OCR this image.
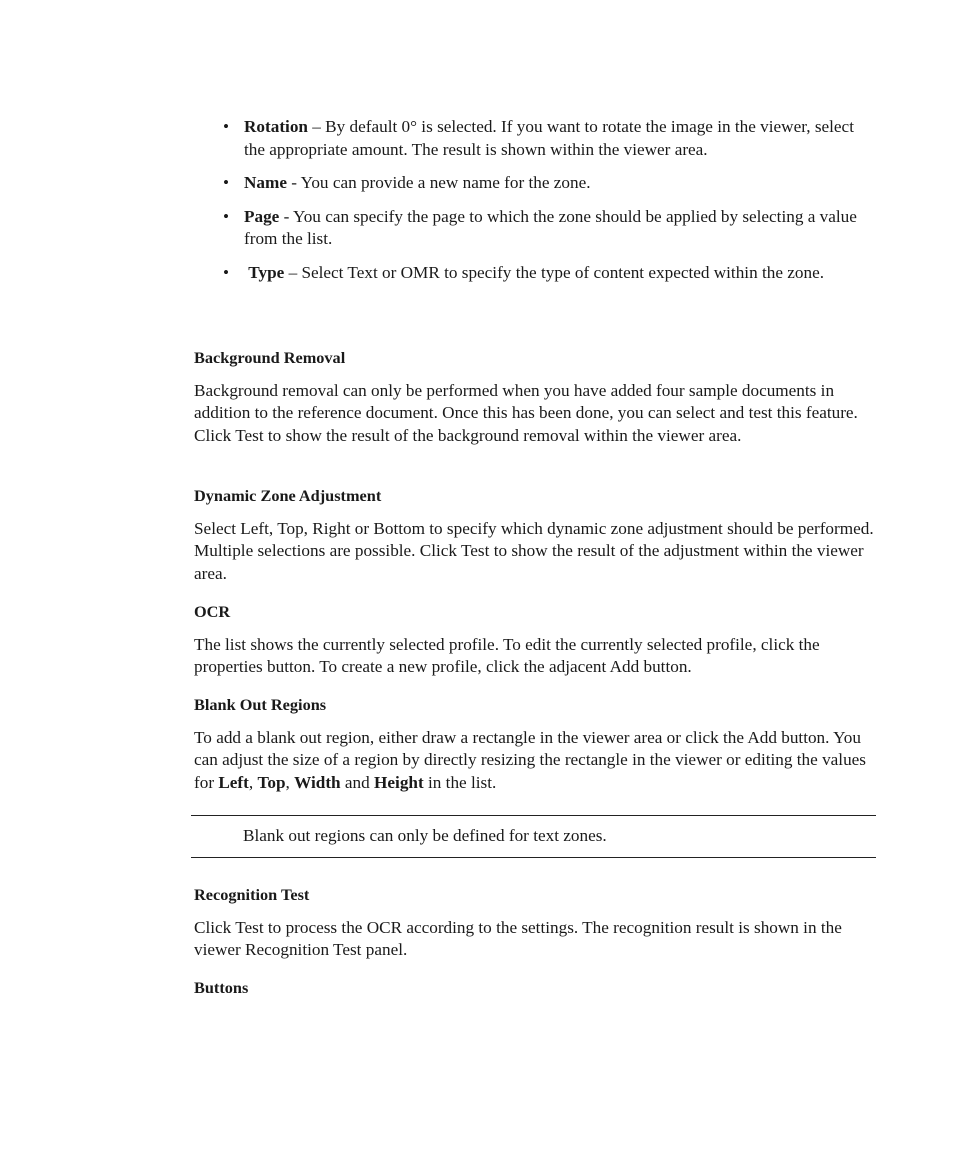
• Rotation – By default 0° is selected. If you want to rotate the image in the viewer, select the appropriate amount. The result is shown within the viewer area.
• Name - You can provide a new name for the zone.
• Page - You can specify the page to which the zone should be applied by selecting a value from the list.
• Type – Select Text or OMR to specify the type of content expected within the zone.

Background Removal

Background removal can only be performed when you have added four sample documents in addition to the reference document. Once this has been done, you can select and test this feature. Click Test to show the result of the background removal within the viewer area.

Dynamic Zone Adjustment

Select Left, Top, Right or Bottom to specify which dynamic zone adjustment should be performed. Multiple selections are possible. Click Test to show the result of the adjustment within the viewer area.

OCR

The list shows the currently selected profile. To edit the currently selected profile, click the properties button. To create a new profile, click the adjacent Add button.

Blank Out Regions

To add a blank out region, either draw a rectangle in the viewer area or click the Add button. You can adjust the size of a region by directly resizing the rectangle in the viewer or editing the values for Left, Top, Width and Height in the list.

Blank out regions can only be defined for text zones.

Recognition Test

Click Test to process the OCR according to the settings. The recognition result is shown in the viewer Recognition Test panel.

Buttons
